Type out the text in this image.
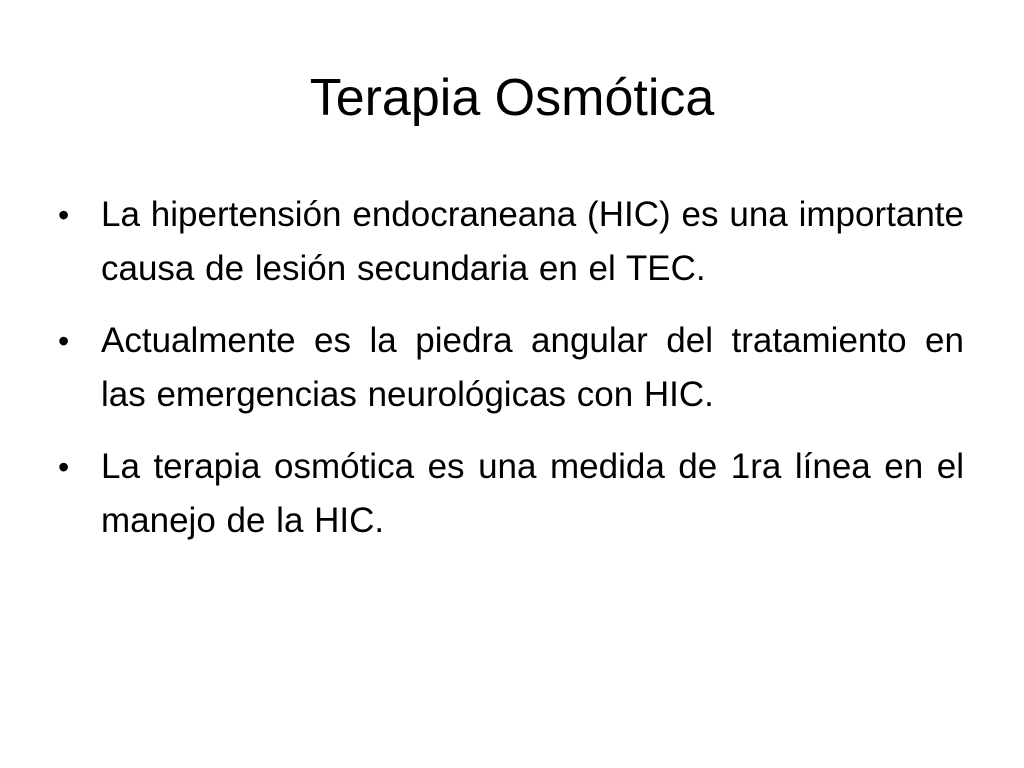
Terapia Osmótica
• La hipertensión endocraneana (HIC) es una importante causa de lesión secundaria en el TEC.
• Actualmente es la piedra angular del tratamiento en las emergencias neurológicas con HIC.
• La terapia osmótica es una medida de 1ra línea en el manejo de la HIC.
